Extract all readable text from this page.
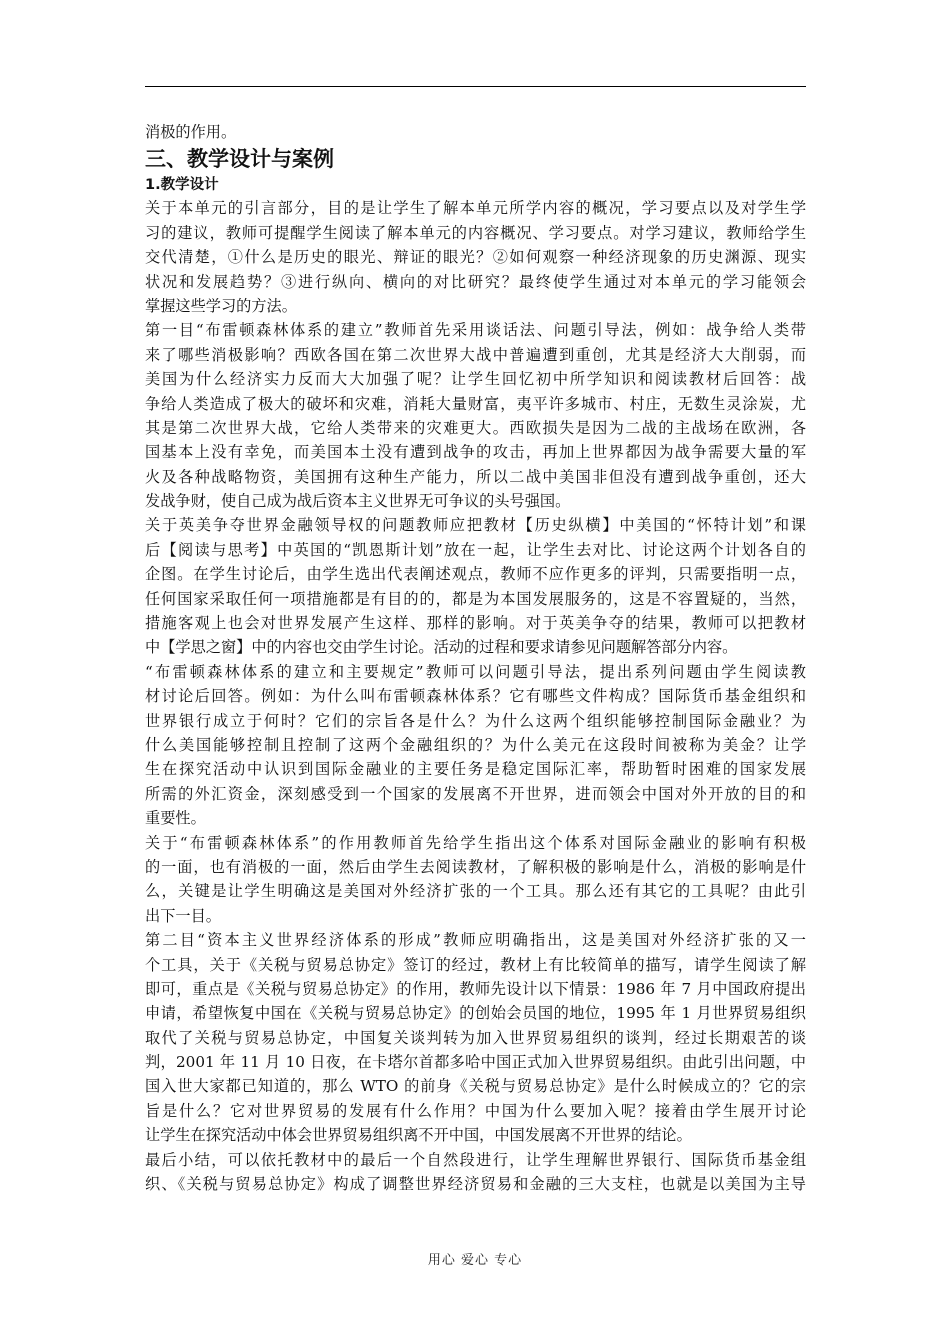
消极的作用。
三、教学设计与案例
1.教学设计
关于本单元的引言部分，目的是让学生了解本单元所学内容的概况，学习要点以及对学生学
习的建议，教师可提醒学生阅读了解本单元的内容概况、学习要点。对学习建议，教师给学生
交代清楚，①什么是历史的眼光、辩证的眼光？②如何观察一种经济现象的历史渊源、现实
状况和发展趋势？③进行纵向、横向的对比研究？最终使学生通过对本单元的学习能领会
掌握这些学习的方法。
第一目“布雷顿森林体系的建立”教师首先采用谈话法、问题引导法，例如：战争给人类带
来了哪些消极影响？西欧各国在第二次世界大战中普遍遭到重创，尤其是经济大大削弱，而
美国为什么经济实力反而大大加强了呢？让学生回忆初中所学知识和阅读教材后回答：战
争给人类造成了极大的破坏和灾难，消耗大量财富，夷平许多城市、村庄，无数生灵涂炭，尤
其是第二次世界大战，它给人类带来的灾难更大。西欧损失是因为二战的主战场在欧洲，各
国基本上没有幸免，而美国本土没有遭到战争的攻击，再加上世界都因为战争需要大量的军
火及各种战略物资，美国拥有这种生产能力，所以二战中美国非但没有遭到战争重创，还大
发战争财，使自己成为战后资本主义世界无可争议的头号强国。
关于英美争夺世界金融领导权的问题教师应把教材【历史纵横】中美国的“怀特计划”和课
后【阅读与思考】中英国的“凯恩斯计划”放在一起，让学生去对比、讨论这两个计划各自的
企图。在学生讨论后，由学生选出代表阐述观点，教师不应作更多的评判，只需要指明一点，
任何国家采取任何一项措施都是有目的的，都是为本国发展服务的，这是不容置疑的，当然，
措施客观上也会对世界发展产生这样、那样的影响。对于英美争夺的结果，教师可以把教材
中【学思之窗】中的内容也交由学生讨论。活动的过程和要求请参见问题解答部分内容。
“布雷顿森林体系的建立和主要规定”教师可以问题引导法，提出系列问题由学生阅读教
材讨论后回答。例如：为什么叫布雷顿森林体系？它有哪些文件构成？国际货币基金组织和
世界银行成立于何时？它们的宗旨各是什么？为什么这两个组织能够控制国际金融业？为
什么美国能够控制且控制了这两个金融组织的？为什么美元在这段时间被称为美金？让学
生在探究活动中认识到国际金融业的主要任务是稳定国际汇率，帮助暂时困难的国家发展
所需的外汇资金，深刻感受到一个国家的发展离不开世界，进而领会中国对外开放的目的和
重要性。
关于“布雷顿森林体系”的作用教师首先给学生指出这个体系对国际金融业的影响有积极
的一面，也有消极的一面，然后由学生去阅读教材，了解积极的影响是什么，消极的影响是什
么，关键是让学生明确这是美国对外经济扩张的一个工具。那么还有其它的工具呢？由此引
出下一目。
第二目“资本主义世界经济体系的形成”教师应明确指出，这是美国对外经济扩张的又一
个工具，关于《关税与贸易总协定》签订的经过，教材上有比较简单的描写，请学生阅读了解
即可，重点是《关税与贸易总协定》的作用，教师先设计以下情景：1986 年 7 月中国政府提出
申请，希望恢复中国在《关税与贸易总协定》的创始会员国的地位，1995 年 1 月世界贸易组织
取代了关税与贸易总协定，中国复关谈判转为加入世界贸易组织的谈判，经过长期艰苦的谈
判，2001 年 11 月 10 日夜，在卡塔尔首都多哈中国正式加入世界贸易组织。由此引出问题，中
国入世大家都已知道的，那么 WTO 的前身《关税与贸易总协定》是什么时候成立的？它的宗
旨是什么？它对世界贸易的发展有什么作用？中国为什么要加入呢？接着由学生展开讨论
让学生在探究活动中体会世界贸易组织离不开中国，中国发展离不开世界的结论。
最后小结，可以依托教材中的最后一个自然段进行，让学生理解世界银行、国际货币基金组
织、《关税与贸易总协定》构成了调整世界经济贸易和金融的三大支柱，也就是以美国为主导
用心 爱心 专心
